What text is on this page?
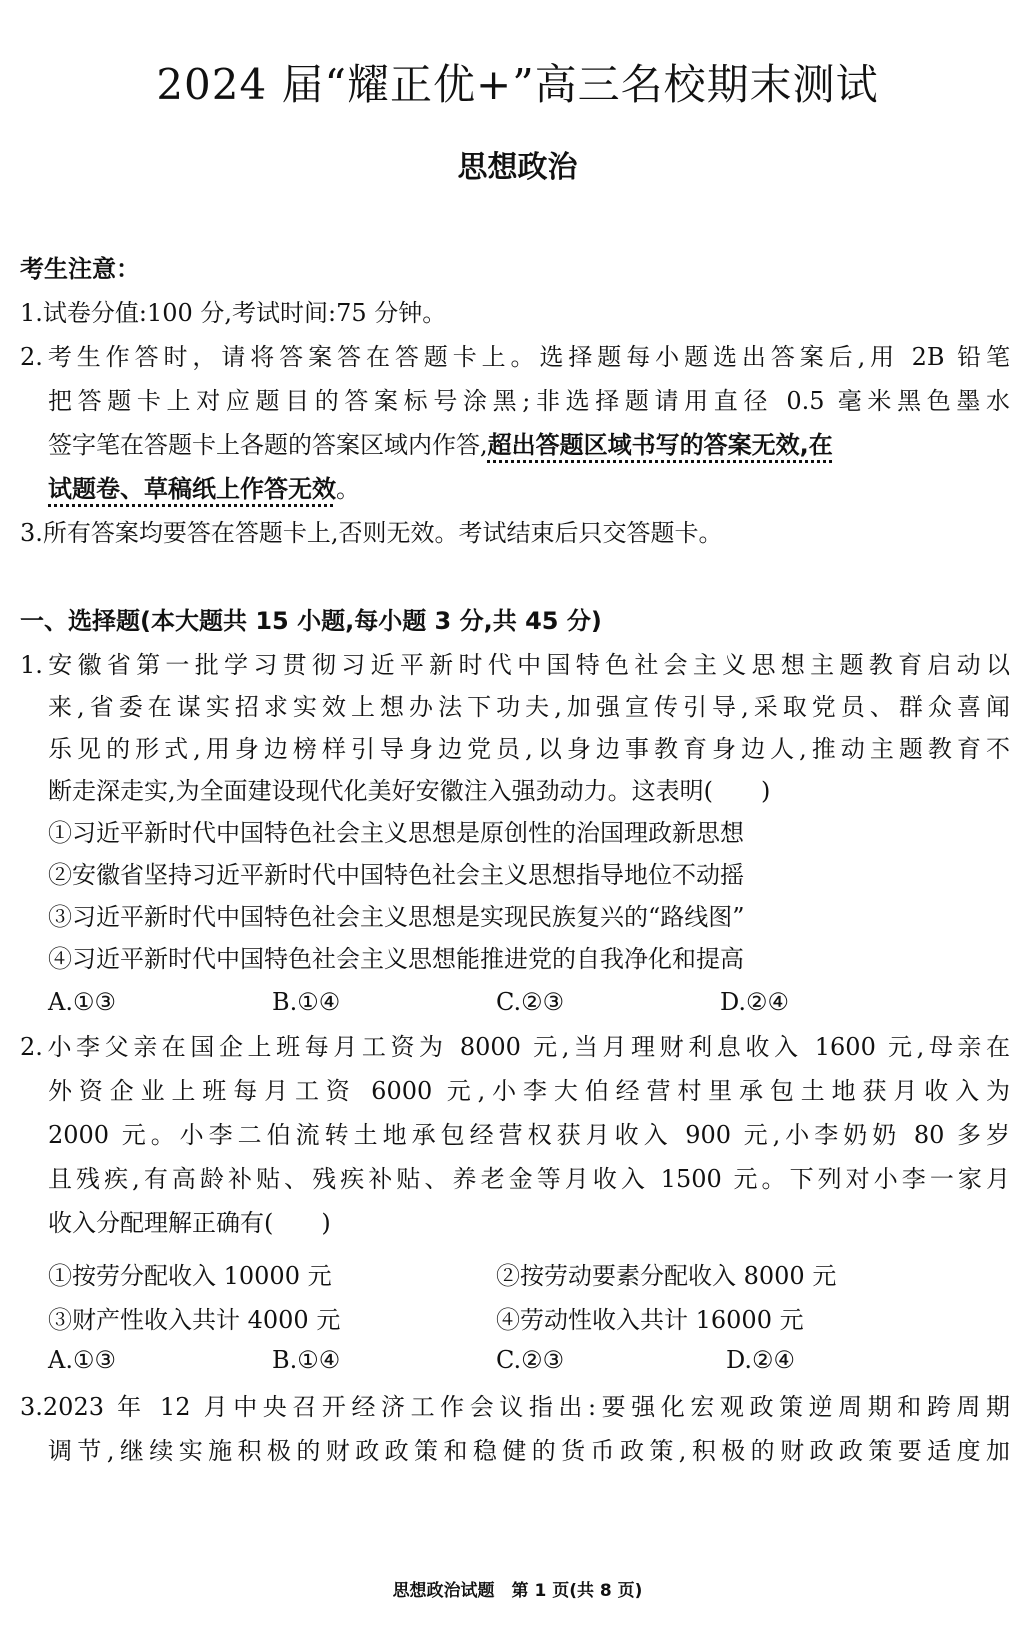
2024 届“耀正优+”高三名校期末测试
思想政治
考生注意：
1.试卷分值:100 分,考试时间:75 分钟。
2.考生作答时，请将答案答在答题卡上。选择题每小题选出答案后,用 2B 铅笔
把答题卡上对应题目的答案标号涂黑;非选择题请用直径 0.5 毫米黑色墨水
签字笔在答题卡上各题的答案区域内作答,超出答题区域书写的答案无效,在
试题卷、草稿纸上作答无效。
3.所有答案均要答在答题卡上,否则无效。考试结束后只交答题卡。
一、选择题(本大题共 15 小题,每小题 3 分,共 45 分)
1.安徽省第一批学习贯彻习近平新时代中国特色社会主义思想主题教育启动以
来,省委在谋实招求实效上想办法下功夫,加强宣传引导,采取党员、群众喜闻
乐见的形式,用身边榜样引导身边党员,以身边事教育身边人,推动主题教育不
断走深走实,为全面建设现代化美好安徽注入强劲动力。这表明(　　)
①习近平新时代中国特色社会主义思想是原创性的治国理政新思想
②安徽省坚持习近平新时代中国特色社会主义思想指导地位不动摇
③习近平新时代中国特色社会主义思想是实现民族复兴的“路线图”
④习近平新时代中国特色社会主义思想能推进党的自我净化和提高
A.①③	B.①④	C.②③	D.②④
2.小李父亲在国企上班每月工资为 8000 元,当月理财利息收入 1600 元,母亲在
外资企业上班每月工资 6000 元,小李大伯经营村里承包土地获月收入为
2000 元。小李二伯流转土地承包经营权获月收入 900 元,小李奶奶 80 多岁
且残疾,有高龄补贴、残疾补贴、养老金等月收入 1500 元。下列对小李一家月
收入分配理解正确有(　　)
①按劳分配收入 10000 元	②按劳动要素分配收入 8000 元
③财产性收入共计 4000 元	④劳动性收入共计 16000 元
A.①③	B.①④	C.②③	D.②④
3.2023 年 12 月中央召开经济工作会议指出:要强化宏观政策逆周期和跨周期
调节,继续实施积极的财政政策和稳健的货币政策,积极的财政政策要适度加
思想政治试题　第 1 页(共 8 页)
